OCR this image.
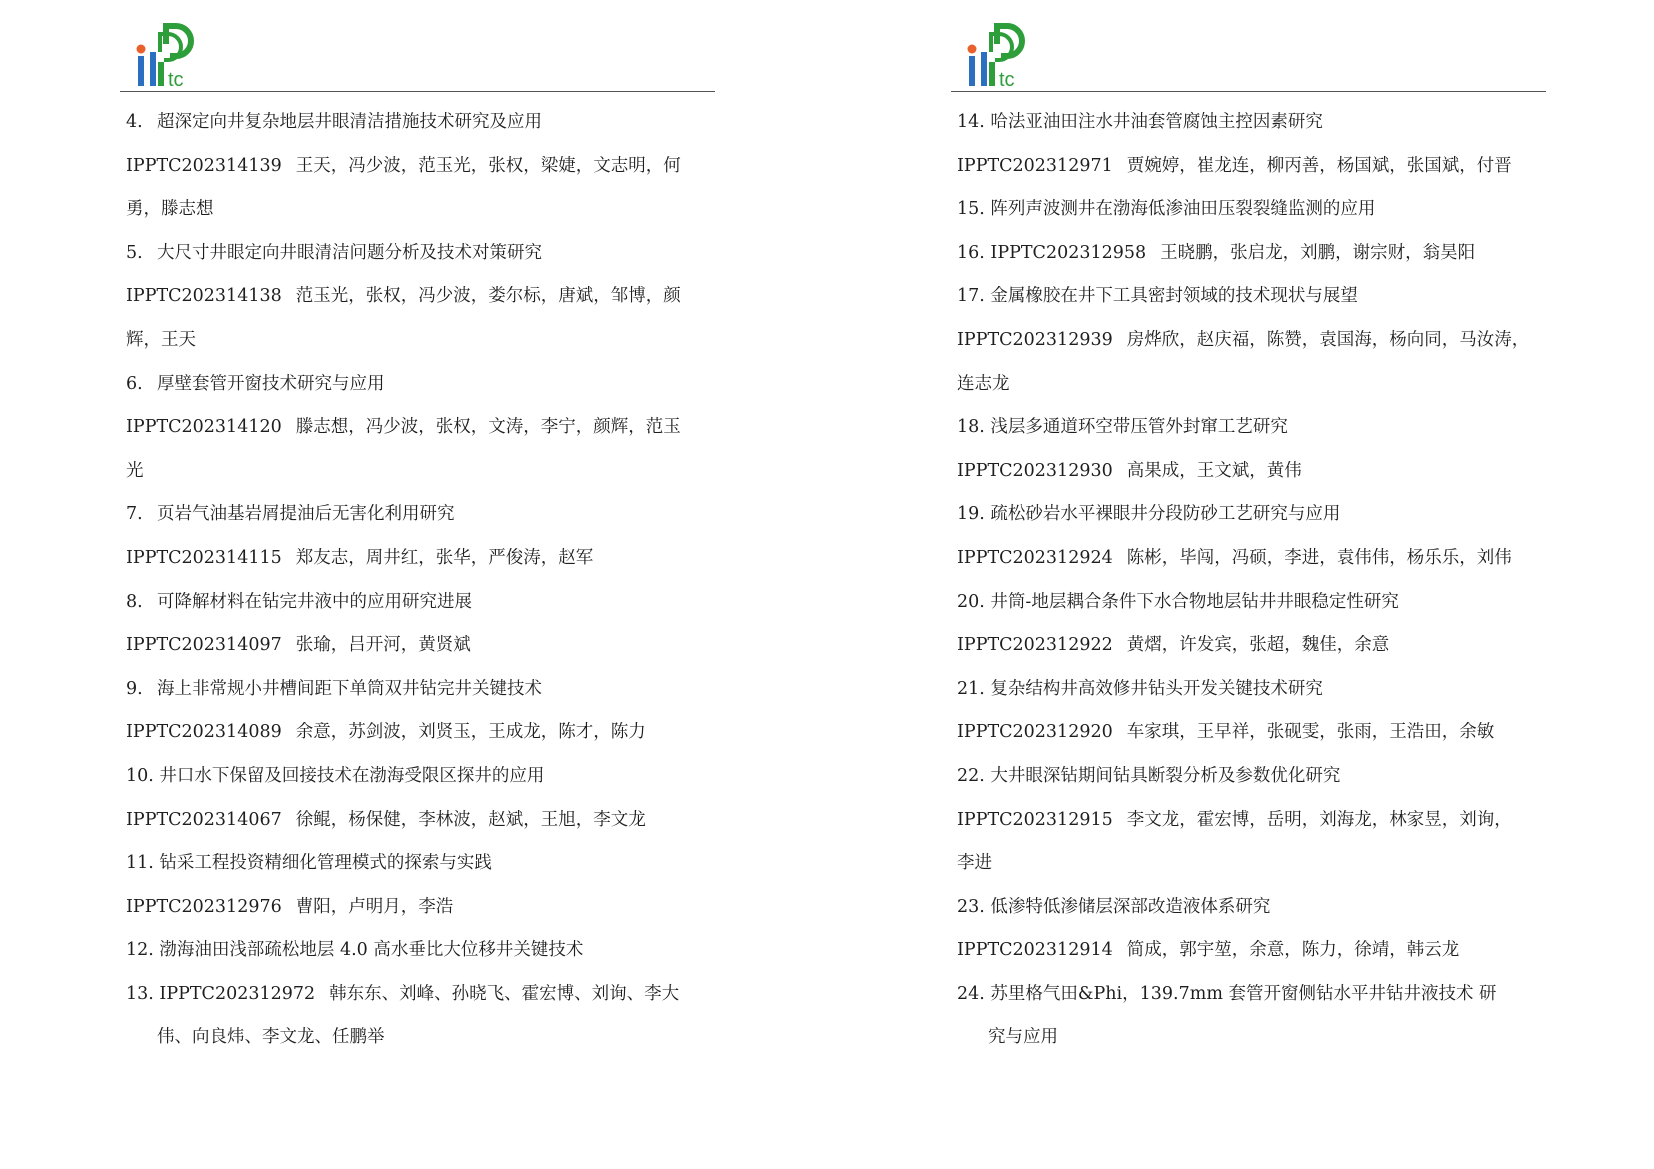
tc
4. 超深定向井复杂地层井眼清洁措施技术研究及应用
IPPTC202314139 王天，冯少波，范玉光，张权，梁婕，文志明，何
勇，滕志想
5. 大尺寸井眼定向井眼清洁问题分析及技术对策研究
IPPTC202314138 范玉光，张权，冯少波，娄尔标，唐斌，邹博，颜
辉，王天
6. 厚壁套管开窗技术研究与应用
IPPTC202314120 滕志想，冯少波，张权，文涛，李宁，颜辉，范玉
光
7. 页岩气油基岩屑提油后无害化利用研究
IPPTC202314115 郑友志，周井红，张华，严俊涛，赵军
8. 可降解材料在钻完井液中的应用研究进展
IPPTC202314097 张瑜，吕开河，黄贤斌
9. 海上非常规小井槽间距下单筒双井钻完井关键技术
IPPTC202314089 余意，苏剑波，刘贤玉，王成龙，陈才，陈力
10. 井口水下保留及回接技术在渤海受限区探井的应用
IPPTC202314067 徐鲲，杨保健，李林波，赵斌，王旭，李文龙
11. 钻采工程投资精细化管理模式的探索与实践
IPPTC202312976 曹阳，卢明月，李浩
12. 渤海油田浅部疏松地层 4.0 高水垂比大位移井关键技术
13. IPPTC202312972 韩东东、刘峰、孙晓飞、霍宏博、刘询、李大
伟、向良炜、李文龙、任鹏举
tc
14. 哈法亚油田注水井油套管腐蚀主控因素研究
IPPTC202312971 贾婉婷，崔龙连，柳丙善，杨国斌，张国斌，付晋
15. 阵列声波测井在渤海低渗油田压裂裂缝监测的应用
16. IPPTC202312958 王晓鹏，张启龙，刘鹏，谢宗财，翁昊阳
17. 金属橡胶在井下工具密封领域的技术现状与展望
IPPTC202312939 房烨欣，赵庆福，陈赞，袁国海，杨向同，马汝涛，
连志龙
18. 浅层多通道环空带压管外封窜工艺研究
IPPTC202312930 高果成，王文斌，黄伟
19. 疏松砂岩水平裸眼井分段防砂工艺研究与应用
IPPTC202312924 陈彬，毕闯，冯硕，李进，袁伟伟，杨乐乐，刘伟
20. 井筒-地层耦合条件下水合物地层钻井井眼稳定性研究
IPPTC202312922 黄熠，许发宾，张超，魏佳，余意
21. 复杂结构井高效修井钻头开发关键技术研究
IPPTC202312920 车家琪，王早祥，张砚雯，张雨，王浩田，余敏
22. 大井眼深钻期间钻具断裂分析及参数优化研究
IPPTC202312915 李文龙，霍宏博，岳明，刘海龙，林家昱，刘询，
李进
23. 低渗特低渗储层深部改造液体系研究
IPPTC202312914 简成，郭宇堃，余意，陈力，徐靖，韩云龙
24. 苏里格气田&Phi，139.7mm 套管开窗侧钻水平井钻井液技术 研
究与应用
